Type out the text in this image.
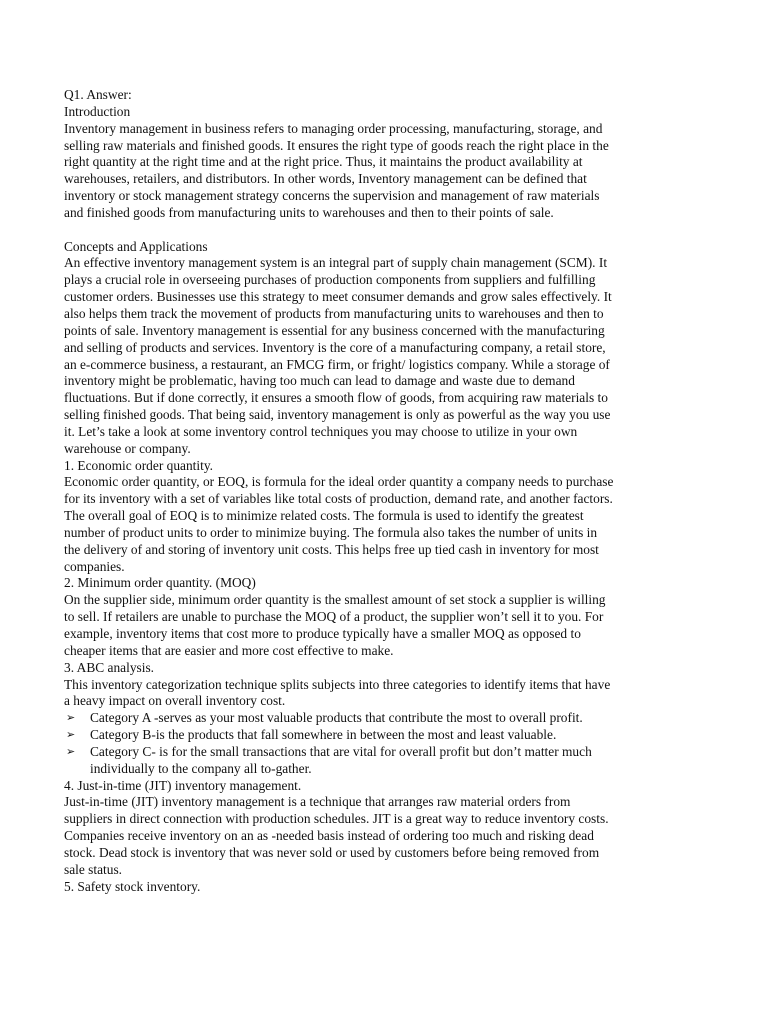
Q1. Answer:

Introduction

Inventory management in business refers to managing order processing, manufacturing, storage, and

selling raw materials and finished goods. It ensures the right type of goods reach the right place in the

right quantity at the right time and at the right price. Thus, it maintains the product availability at

warehouses, retailers, and distributors. In other words, Inventory management can be defined that

inventory or stock management strategy concerns the supervision and management of raw materials

and finished goods from manufacturing units to warehouses and then to their points of sale.

Concepts and Applications

An effective inventory management system is an integral part of supply chain management (SCM). It

plays a crucial role in overseeing purchases of production components from suppliers and fulfilling

customer orders. Businesses use this strategy to meet consumer demands and grow sales effectively. It

also helps them track the movement of products from manufacturing units to warehouses and then to

points of sale. Inventory management is essential for any business concerned with the manufacturing

and selling of products and services. Inventory is the core of a manufacturing company, a retail store,

an e-commerce business, a restaurant, an FMCG firm, or fright/ logistics company. While a storage of

inventory might be problematic, having too much can lead to damage and waste due to demand

fluctuations. But if done correctly, it ensures a smooth flow of goods, from acquiring raw materials to

selling finished goods. That being said, inventory management is only as powerful as the way you use

it. Let’s take a look at some inventory control techniques you may choose to utilize in your own

warehouse or company.

1. Economic order quantity.

Economic order quantity, or EOQ, is formula for the ideal order quantity a company needs to purchase

for its inventory with a set of variables like total costs of production, demand rate, and another factors.

The overall goal of EOQ is to minimize related costs. The formula is used to identify the greatest

number of product units to order to minimize buying. The formula also takes the number of units in

the delivery of and storing of inventory unit costs. This helps free up tied cash in inventory for most

companies.

2. Minimum order quantity. (MOQ)

On the supplier side, minimum order quantity is the smallest amount of set stock a supplier is willing

to sell. If retailers are unable to purchase the MOQ of a product, the supplier won’t sell it to you. For

example, inventory items that cost more to produce typically have a smaller MOQ as opposed to

cheaper items that are easier and more cost effective to make.

3. ABC analysis.

This inventory categorization technique splits subjects into three categories to identify items that have

a heavy impact on overall inventory cost.

➢ Category A -serves as your most valuable products that contribute the most to overall profit.

➢ Category B-is the products that fall somewhere in between the most and least valuable.

➢ Category C- is for the small transactions that are vital for overall profit but don’t matter much

individually to the company all to-gather.

4. Just-in-time (JIT) inventory management.

Just-in-time (JIT) inventory management is a technique that arranges raw material orders from

suppliers in direct connection with production schedules. JIT is a great way to reduce inventory costs.

Companies receive inventory on an as -needed basis instead of ordering too much and risking dead

stock. Dead stock is inventory that was never sold or used by customers before being removed from

sale status.

5. Safety stock inventory.
